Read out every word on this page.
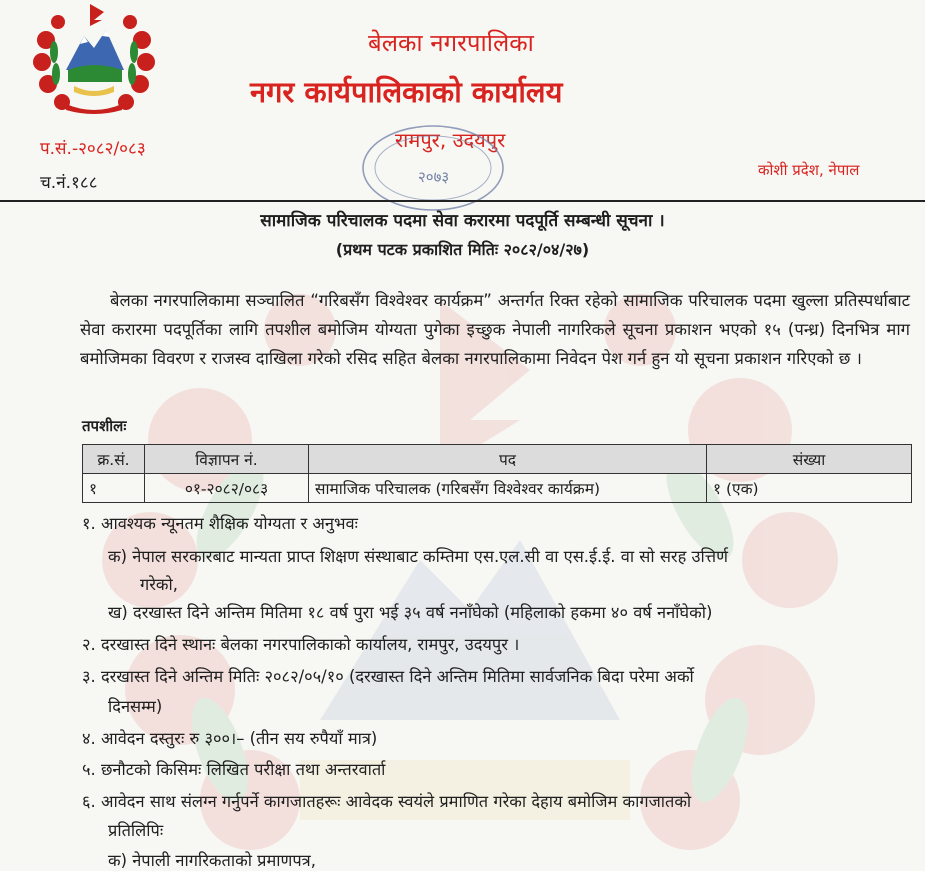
बेलका नगरपालिका
नगर कार्यपालिकाको कार्यालय
रामपुर, उदयपुर
प.सं.-२०८२/०८३
च.नं.१८८
कोशी प्रदेश, नेपाल
२०७३
सामाजिक परिचालक पदमा सेवा करारमा पदपूर्ति सम्बन्धी सूचना ।
(प्रथम पटक प्रकाशित मितिः २०८२/०४/२७)
बेलका नगरपालिकामा सञ्चालित “गरिबसँग विश्वेश्वर कार्यक्रम” अन्तर्गत रिक्त रहेको सामाजिक परिचालक पदमा खुल्ला प्रतिस्पर्धाबाट सेवा करारमा पदपूर्तिका लागि तपशील बमोजिम योग्यता पुगेका इच्छुक नेपाली नागरिकले सूचना प्रकाशन भएको १५ (पन्ध्र) दिनभित्र माग बमोजिमका विवरण र राजस्व दाखिला गरेको रसिद सहित बेलका नगरपालिकामा निवेदन पेश गर्न हुन यो सूचना प्रकाशन गरिएको छ ।
तपशीलः
क्र.सं.	विज्ञापन नं.	पद	संख्या
१	०१-२०८२/०८३	सामाजिक परिचालक (गरिबसँग विश्वेश्वर कार्यक्रम)	१ (एक)
१. आवश्यक न्यूनतम शैक्षिक योग्यता र अनुभवः
क) नेपाल सरकारबाट मान्यता प्राप्त शिक्षण संस्थाबाट कम्तिमा एस.एल.सी वा एस.ई.ई. वा सो सरह उत्तिर्ण
गरेको,
ख) दरखास्त दिने अन्तिम मितिमा १८ वर्ष पुरा भई ३५ वर्ष ननाँघेको (महिलाको हकमा ४० वर्ष ननाँघेको)
२. दरखास्त दिने स्थानः बेलका नगरपालिकाको कार्यालय, रामपुर, उदयपुर ।
३. दरखास्त दिने अन्तिम मितिः २०८२/०५/१० (दरखास्त दिने अन्तिम मितिमा सार्वजनिक बिदा परेमा अर्को
दिनसम्म)
४. आवेदन दस्तुरः रु ३००।– (तीन सय रुपैयाँ मात्र)
५. छनौटको किसिमः लिखित परीक्षा तथा अन्तरवार्ता
६. आवेदन साथ संलग्न गर्नुपर्ने कागजातहरूः आवेदक स्वयंले प्रमाणित गरेका देहाय बमोजिम कागजातको
प्रतिलिपिः
क) नेपाली नागरिकताको प्रमाणपत्र,
